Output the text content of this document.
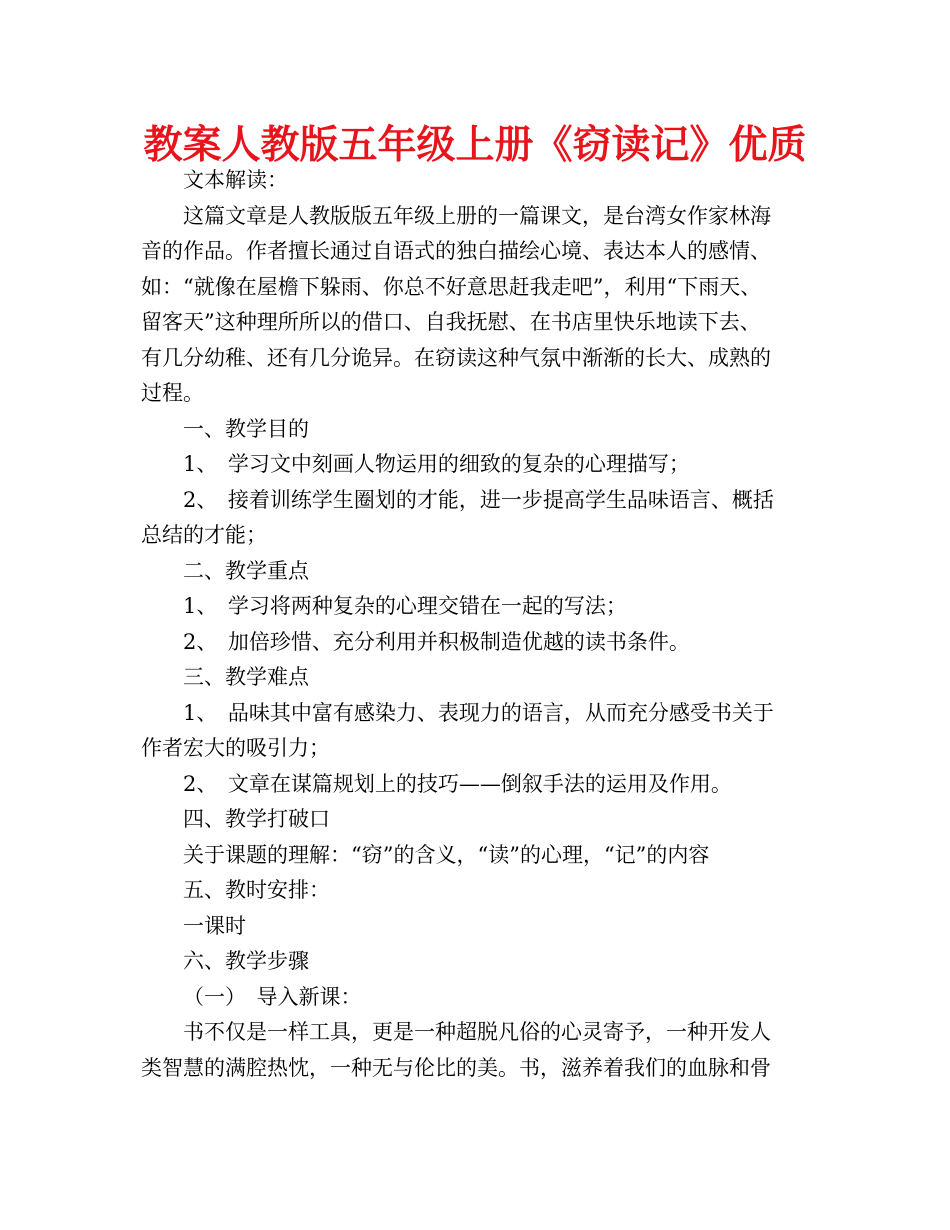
教案人教版五年级上册《窃读记》优质
文本解读：
这篇文章是人教版版五年级上册的一篇课文，是台湾女作家林海
音的作品。作者擅长通过自语式的独白描绘心境、表达本人的感情、
如：“就像在屋檐下躲雨、你总不好意思赶我走吧”，利用“下雨天、
留客天”这种理所所以的借口、自我抚慰、在书店里快乐地读下去、
有几分幼稚、还有几分诡异。在窃读这种气氛中渐渐的长大、成熟的
过程。
一、教学目的
1、　学习文中刻画人物运用的细致的复杂的心理描写；
2、　接着训练学生圈划的才能，进一步提高学生品味语言、概括
总结的才能；
二、教学重点
1、　学习将两种复杂的心理交错在一起的写法；
2、　加倍珍惜、充分利用并积极制造优越的读书条件。
三、教学难点
1、　品味其中富有感染力、表现力的语言，从而充分感受书关于
作者宏大的吸引力；
2、　文章在谋篇规划上的技巧——倒叙手法的运用及作用。
四、教学打破口
关于课题的理解：“窃”的含义，“读”的心理，“记”的内容
五、教时安排：
一课时
六、教学步骤
（一）　导入新课：
书不仅是一样工具，更是一种超脱凡俗的心灵寄予，一种开发人
类智慧的满腔热忱，一种无与伦比的美。书，滋养着我们的血脉和骨
